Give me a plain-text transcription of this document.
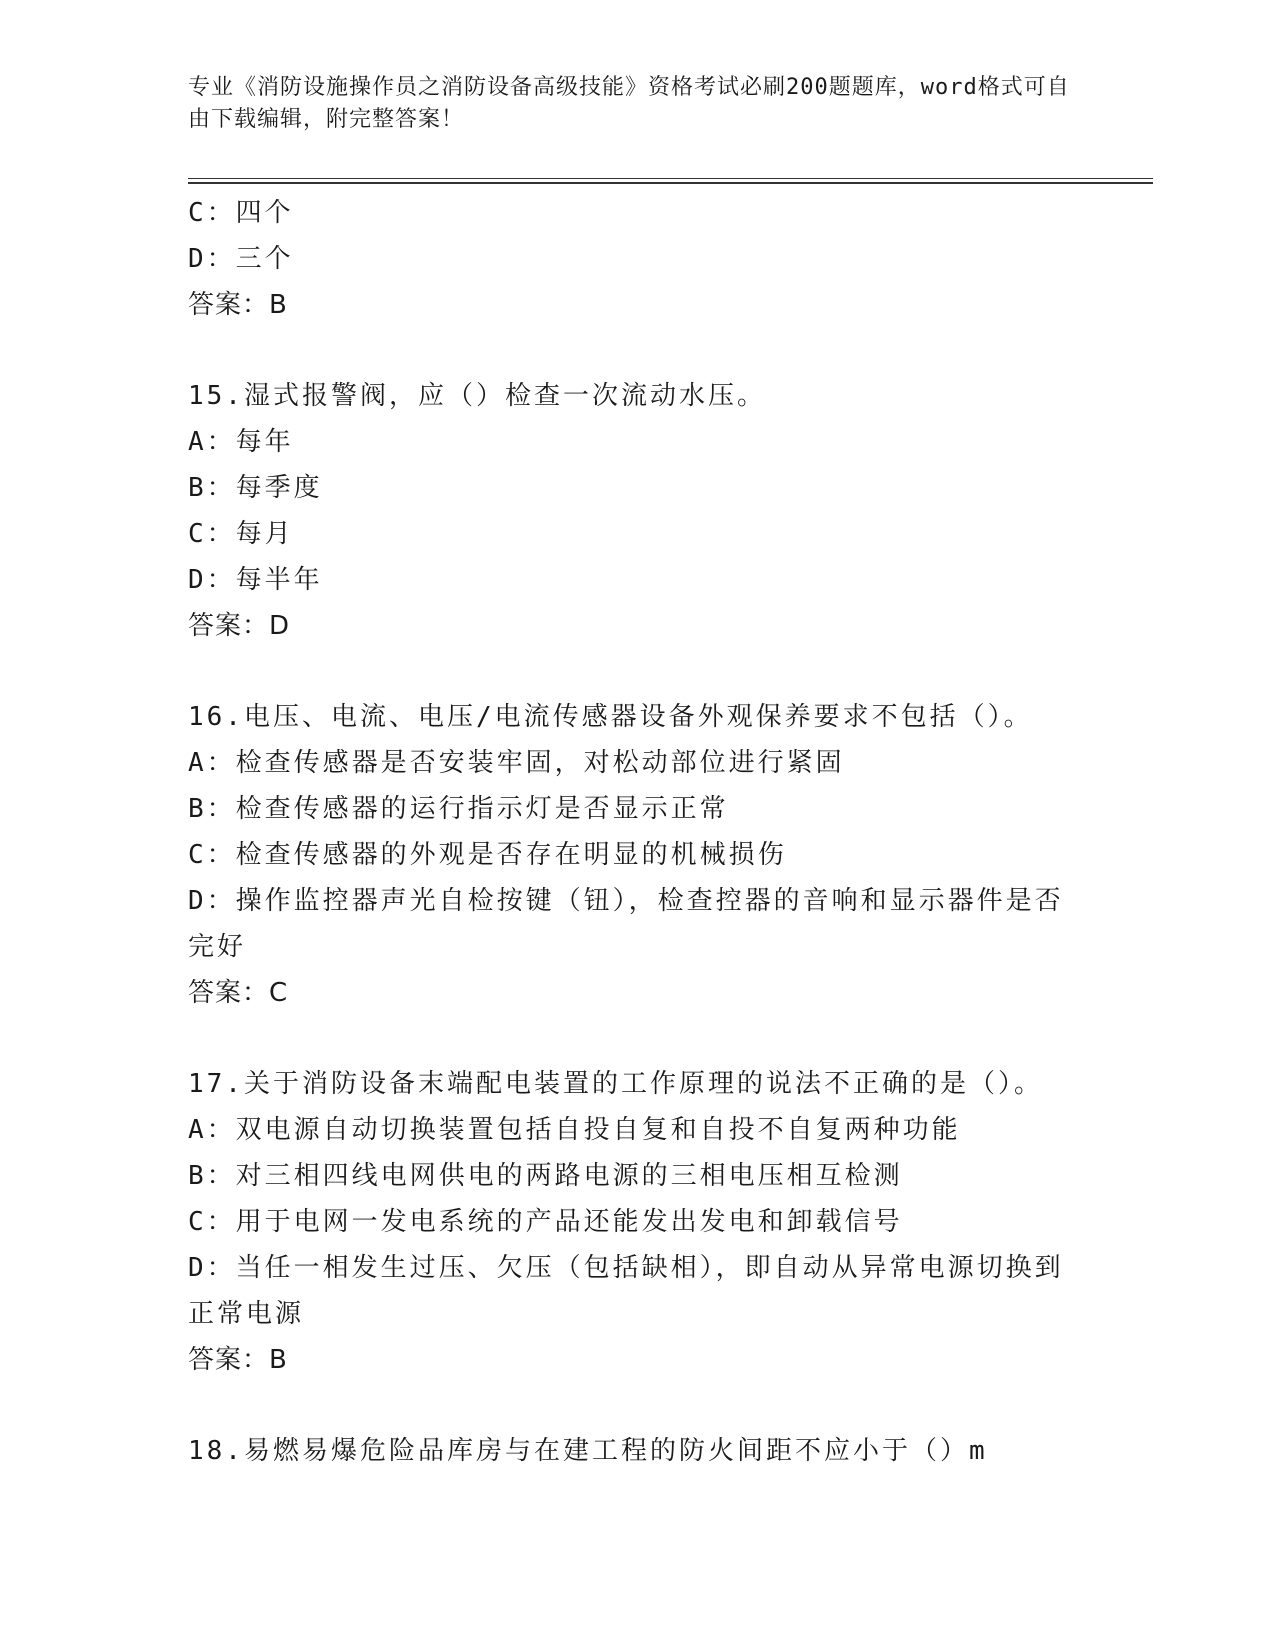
专业《消防设施操作员之消防设备高级技能》资格考试必刷200题题库，word格式可自由下载编辑，附完整答案！
C：四个
D：三个
答案：B
15.湿式报警阀，应（）检查一次流动水压。
A：每年
B：每季度
C：每月
D：每半年
答案：D
16.电压、电流、电压/电流传感器设备外观保养要求不包括（）。
A：检查传感器是否安装牢固，对松动部位进行紧固
B：检查传感器的运行指示灯是否显示正常
C：检查传感器的外观是否存在明显的机械损伤
D：操作监控器声光自检按键（钮），检查控器的音响和显示器件是否完好
答案：C
17.关于消防设备末端配电装置的工作原理的说法不正确的是（）。
A：双电源自动切换装置包括自投自复和自投不自复两种功能
B：对三相四线电网供电的两路电源的三相电压相互检测
C：用于电网一发电系统的产品还能发出发电和卸载信号
D：当任一相发生过压、欠压（包括缺相），即自动从异常电源切换到正常电源
答案：B
18.易燃易爆危险品库房与在建工程的防火间距不应小于（）m
